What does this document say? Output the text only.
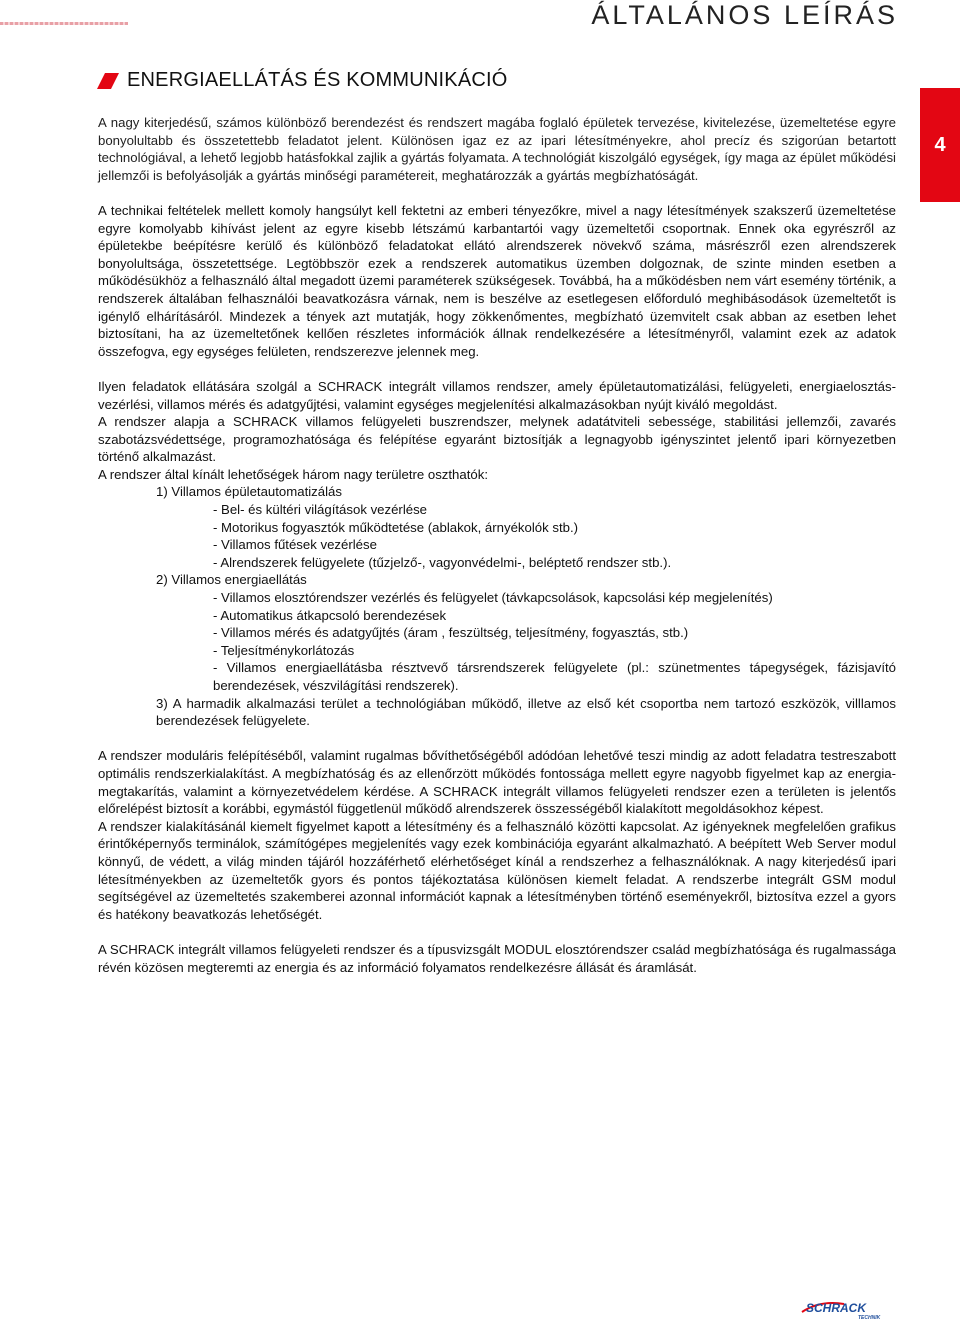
ÁLTALÁNOS LEÍRÁS
ENERGIAELLÁTÁS ÉS KOMMUNIKÁCIÓ
4

A nagy kiterjedésű, számos különböző berendezést és rendszert magába foglaló épületek tervezése, kivitelezése, üzemeltetése egyre bonyolultabb és összetettebb feladatot jelent. Különösen igaz ez az ipari létesítményekre, ahol precíz és szigorúan betartott technológiával, a lehető legjobb hatásfokkal zajlik a gyártás folyamata. A technológiát kiszolgáló egységek, így maga az épület működési jellemzői is befolyásolják a gyártás minőségi paramétereit, meghatározzák a gyártás megbízhatóságát.

A technikai feltételek mellett komoly hangsúlyt kell fektetni az emberi tényezőkre, mivel a nagy létesítmények szakszerű üzemeltetése egyre komolyabb kihívást jelent az egyre kisebb létszámú karbantartói vagy üzemeltetői csoportnak. Ennek oka egyrészről az épületekbe beépítésre kerülő és különböző feladatokat ellátó alrendszerek növekvő száma, másrészről ezen alrendszerek bonyolultsága, összetettsége. Legtöbbször ezek a rendszerek automatikus üzemben dolgoznak, de szinte minden esetben a működésükhöz a felhasználó által megadott üzemi paraméterek szükségesek. Továbbá, ha a működésben nem várt esemény történik, a rendszerek általában felhasználói beavatkozásra várnak, nem is beszélve az esetlegesen előforduló meghibásodások üzemeltetőt is igénylő elhárításáról. Mindezek a tények azt mutatják, hogy zökkenőmentes, megbízható üzemvitelt csak abban az esetben lehet biztosítani, ha az üzemeltetőnek kellően részletes információk állnak rendelkezésére a létesítményről, valamint ezek az adatok összefogva, egy egységes felületen, rendszerezve jelennek meg.

Ilyen feladatok ellátására szolgál a SCHRACK integrált villamos rendszer, amely épületautomatizálási, felügyeleti, energiaelosztás-vezérlési, villamos mérés és adatgyűjtési, valamint egységes megjelenítési alkalmazásokban nyújt kiváló megoldást.

A rendszer alapja a SCHRACK villamos felügyeleti buszrendszer, melynek adatátviteli sebessége, stabilitási jellemzői, zavarés szabotázsvédettsége, programozhatósága és felépítése egyaránt biztosítják a legnagyobb igényszintet jelentő ipari környezetben történő alkalmazást.

A rendszer által kínált lehetőségek három nagy területre oszthatók:

1) Villamos épületautomatizálás

- Bel- és kültéri világítások vezérlése

- Motorikus fogyasztók működtetése (ablakok, árnyékolók stb.)

- Villamos fűtések vezérlése

- Alrendszerek felügyelete (tűzjelző-, vagyonvédelmi-, beléptető rendszer stb.).

2) Villamos energiaellátás

- Villamos elosztórendszer vezérlés és felügyelet (távkapcsolások, kapcsolási kép megjelenítés)

- Automatikus átkapcsoló berendezések

- Villamos mérés és adatgyűjtés (áram , feszültség, teljesítmény, fogyasztás, stb.)

- Teljesítménykorlátozás

- Villamos energiaellátásba résztvevő társrendszerek felügyelete (pl.: szünetmentes tápegységek, fázisjavító berendezések, vészvilágítási rendszerek).

3) A harmadik alkalmazási terület a technológiában működő, illetve az első két csoportba nem tartozó eszközök, villlamos berendezések felügyelete.

A rendszer moduláris felépítéséből, valamint rugalmas bővíthetőségéből adódóan lehetővé teszi mindig az adott feladatra testreszabott optimális rendszerkialakítást. A megbízhatóság és az ellenőrzött működés fontossága mellett egyre nagyobb figyelmet kap az energia-megtakarítás, valamint a környezetvédelem kérdése. A SCHRACK integrált villamos felügyeleti rendszer ezen a területen is jelentős előrelépést biztosít a korábbi, egymástól függetlenül működő alrendszerek összességéből kialakított megoldásokhoz képest.

A rendszer kialakításánál kiemelt figyelmet kapott a létesítmény és a felhasználó közötti kapcsolat. Az igényeknek megfelelően grafikus érintőképernyős terminálok, számítógépes megjelenítés vagy ezek kombinációja egyaránt alkalmazható. A beépített Web Server modul könnyű, de védett, a világ minden tájáról hozzáférhető elérhetőséget kínál a rendszerhez a felhasználóknak. A nagy kiterjedésű ipari létesítményekben az üzemeltetők gyors és pontos tájékoztatása különösen kiemelt feladat. A rendszerbe integrált GSM modul segítségével az üzemeltetés szakemberei azonnal információt kapnak a létesítményben történő eseményekről, biztosítva ezzel a gyors és hatékony beavatkozás lehetőségét.

A SCHRACK integrált villamos felügyeleti rendszer és a típusvizsgált MODUL elosztórendszer család megbízhatósága és rugalmassága révén közösen megteremti az energia és az információ folyamatos rendelkezésre állását és áramlását.

SCHRACK
TECHNIK
